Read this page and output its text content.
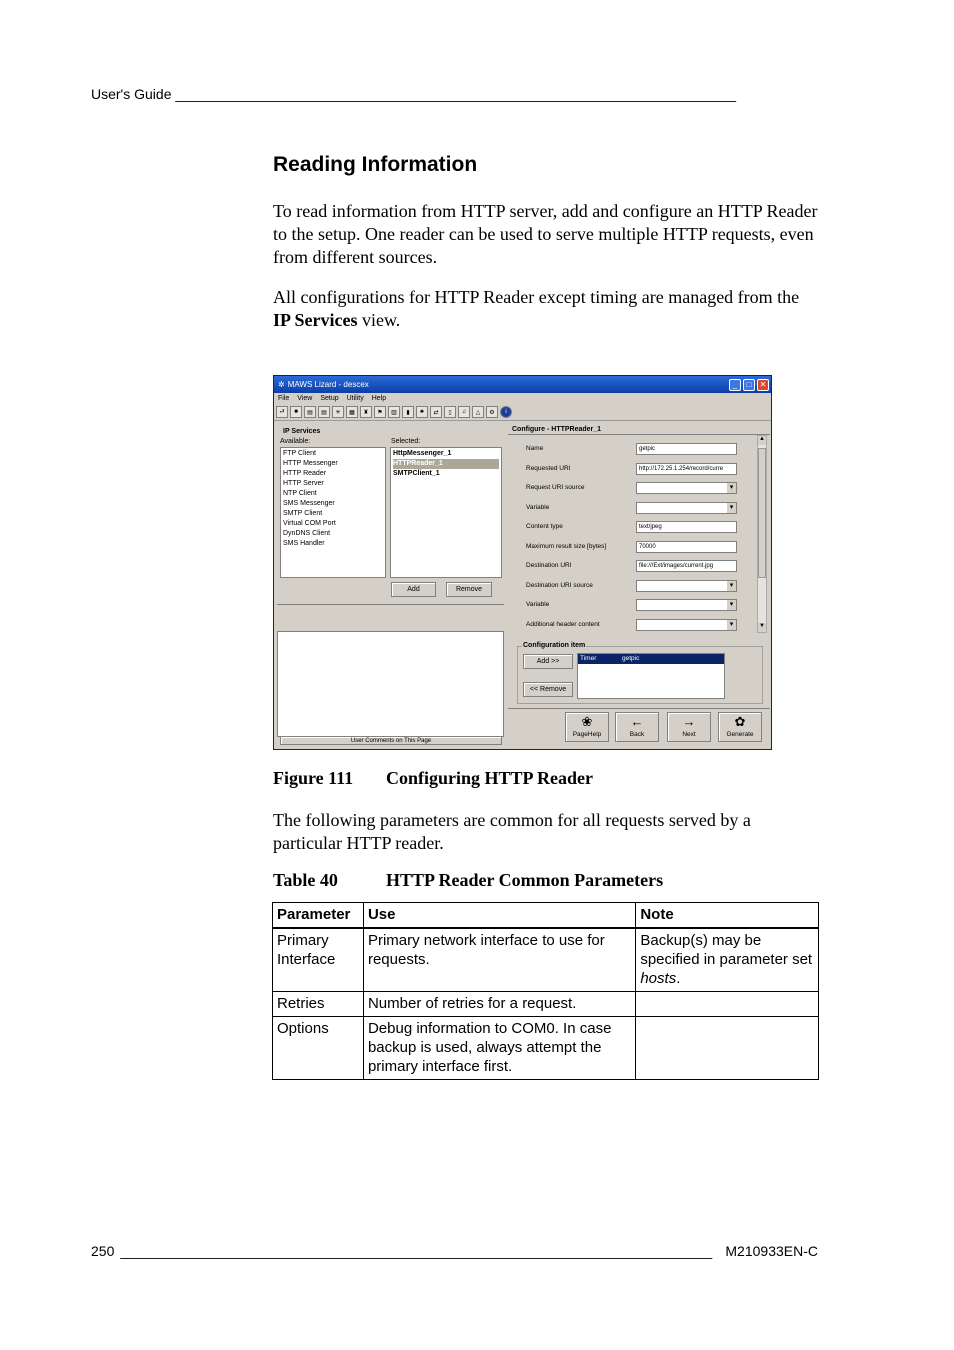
User's Guide ________________________________________________________________________
Reading Information

To read information from HTTP server, add and configure an HTTP Reader to the setup. One reader can be used to serve multiple HTTP requests, even from different sources.

All configurations for HTTP Reader except timing are managed from the IP Services view.

✲ MAWS Lizard - descex	_	□	✕
File View Setup Utility Help
⮐	■	▤	▤	✳	▦	♜	⚑	▥	▮	♣	⇄	▯	♫	△	⚙	i
IP Services
Available:	Selected:
FTP Client
HTTP Messenger
HTTP Reader
HTTP Server
NTP Client
SMS Messenger
SMTP Client
Virtual COM Port
DynDNS Client
SMS Handler
HttpMessenger_1
HTTPReader_1
SMTPClient_1
Add	Remove
User Comments on This Page
Configure - HTTPReader_1
Name	getpic
Requested URI	http://172.25.1.254/record/curre
Request URI source
▾
Variable
▾
Content type	text/jpeg
Maximum result size [bytes]	70000
Destination URI	file:///Ext/images/current.jpg
Destination URI source
▾
Variable
▾
Additional header content
▾
▲
▼
Configuration item
Add >>
<< Remove
Timer	getpic
❀
PageHelp
←
Back
→
Next
✿
Generate

Figure 111 Configuring HTTP Reader

The following parameters are common for all requests served by a particular HTTP reader.

Table 40	HTTP Reader Common Parameters

Parameter	Use	Note
Primary Interface	Primary network interface to use for requests.	Backup(s) may be specified in parameter set hosts.
Retries	Number of retries for a request.	
Options	Debug information to COM0. In case backup is used, always attempt the primary interface first.	
250 ____________________________________________________________________________ M210933EN-C
